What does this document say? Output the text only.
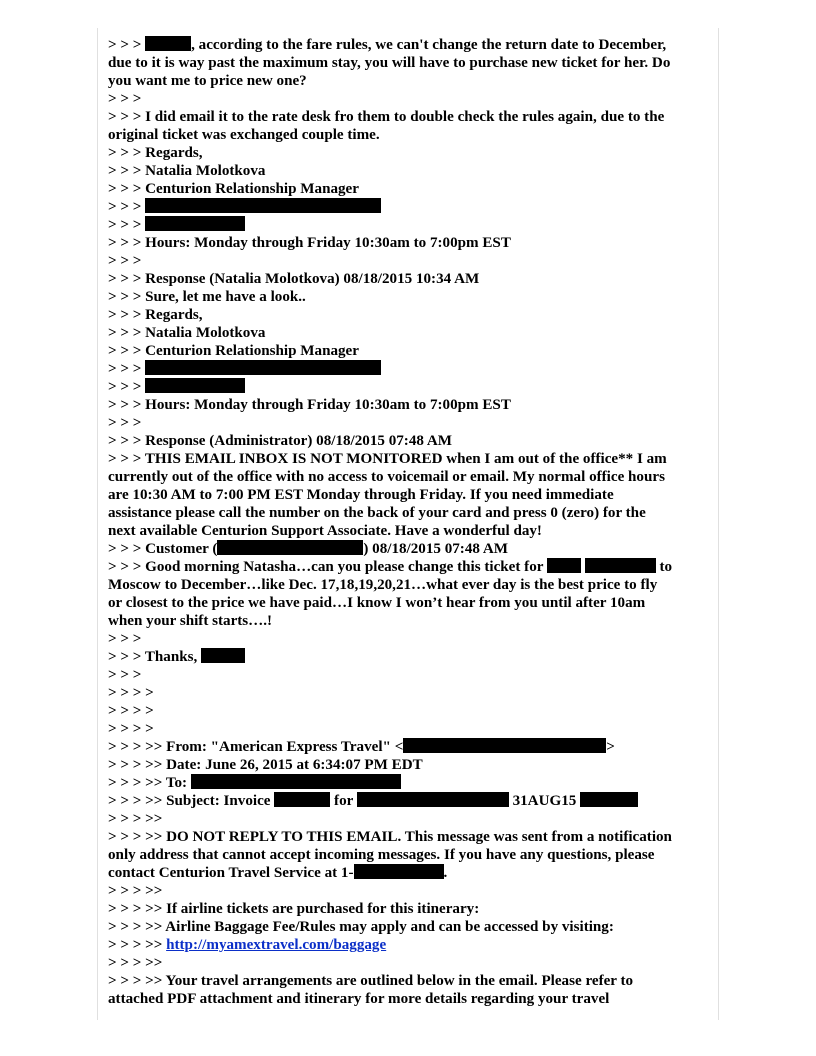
> > >	, according to the fare rules, we can't change the return date to December,
due to it is way past the maximum stay, you will have to purchase new ticket for her. Do
you want me to price new one?
> > >
> > > I did email it to the rate desk fro them to double check the rules again, due to the
original ticket was exchanged couple time.
> > > Regards,
> > > Natalia Molotkova
> > > Centurion Relationship Manager
> > >
> > >
> > > Hours: Monday through Friday 10:30am to 7:00pm EST
> > >
> > > Response (Natalia Molotkova) 08/18/2015 10:34 AM
> > > Sure, let me have a look..
> > > Regards,
> > > Natalia Molotkova
> > > Centurion Relationship Manager
> > >
> > >
> > > Hours: Monday through Friday 10:30am to 7:00pm EST
> > >
> > > Response (Administrator) 08/18/2015 07:48 AM
> > > THIS EMAIL INBOX IS NOT MONITORED when I am out of the office** I am
currently out of the office with no access to voicemail or email. My normal office hours
are 10:30 AM to 7:00 PM EST Monday through Friday. If you need immediate
assistance please call the number on the back of your card and press 0 (zero) for the
next available Centurion Support Associate. Have a wonderful day!
> > > Customer (	) 08/18/2015 07:48 AM
> > > Good morning Natasha…can you please change this ticket for	to
Moscow to December…like Dec. 17,18,19,20,21…what ever day is the best price to fly
or closest to the price we have paid…I know I won’t hear from you until after 10am
when your shift starts….!
> > >
> > > Thanks,
> > >
> > > >
> > > >
> > > >
> > > >> From: "American Express Travel" <	>
> > > >> Date: June 26, 2015 at 6:34:07 PM EDT
> > > >> To:
> > > >> Subject: Invoice	for	31AUG15
> > > >>
> > > >> DO NOT REPLY TO THIS EMAIL. This message was sent from a notification
only address that cannot accept incoming messages. If you have any questions, please
contact Centurion Travel Service at 1-	.
> > > >>
> > > >> If airline tickets are purchased for this itinerary:
> > > >> Airline Baggage Fee/Rules may apply and can be accessed by visiting:
> > > >> http://myamextravel.com/baggage
> > > >>
> > > >> Your travel arrangements are outlined below in the email. Please refer to
attached PDF attachment and itinerary for more details regarding your travel
